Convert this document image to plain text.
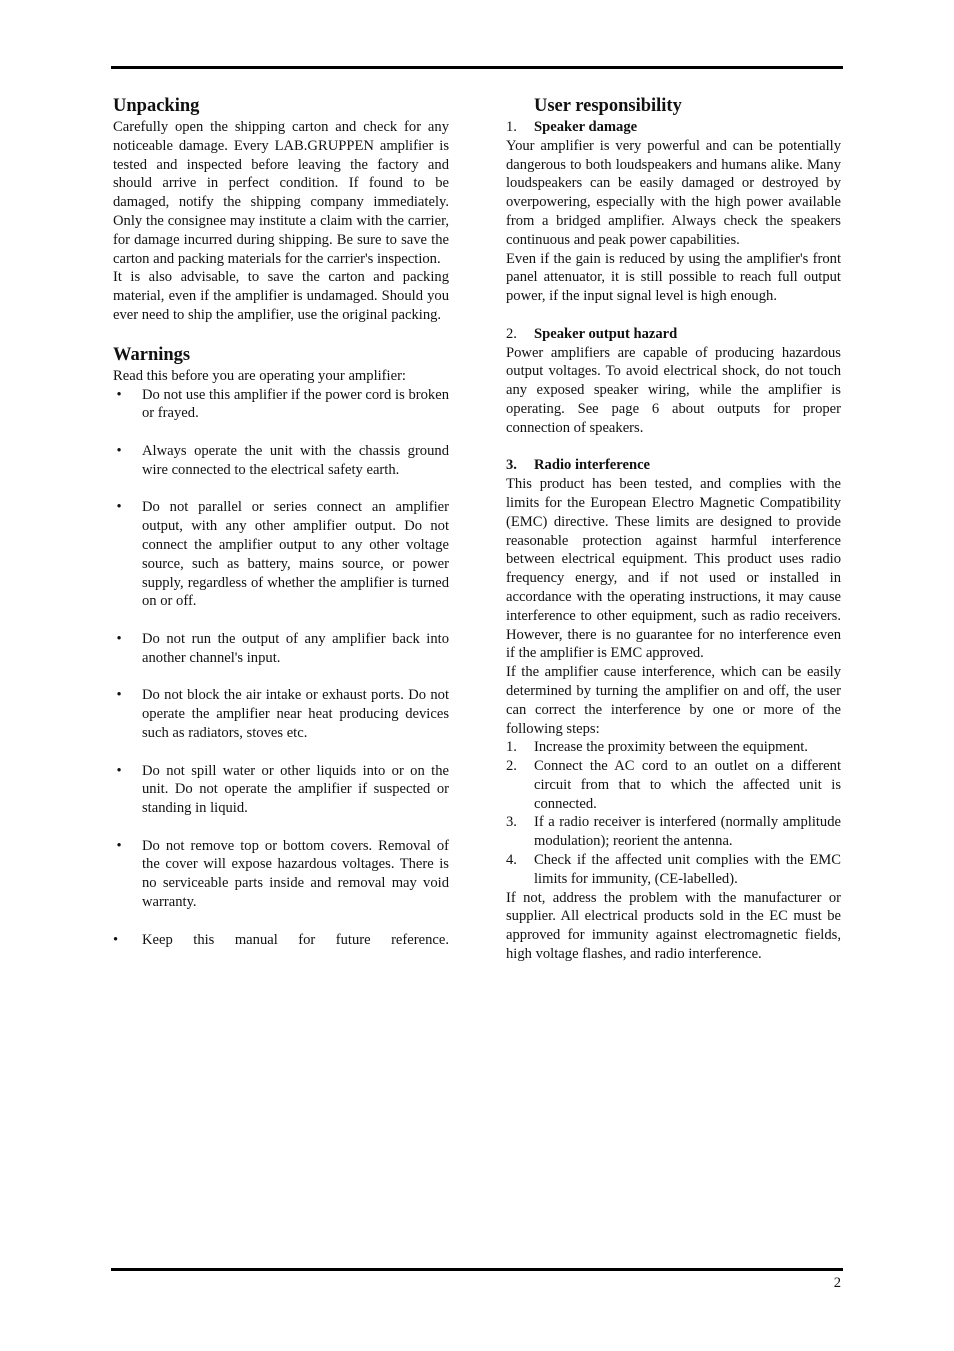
Unpacking

Carefully open the shipping carton and check for any noticeable damage. Every LAB.GRUPPEN amplifier is tested and inspected before leaving the factory and should arrive in perfect condition. If found to be damaged, notify the shipping company immediately. Only the consignee may institute a claim with the carrier, for damage incurred during shipping. Be sure to save the carton and packing materials for the carrier's inspection.

It is also advisable, to save the carton and packing material, even if the amplifier is undamaged. Should you ever need to ship the amplifier, use the original packing.

Warnings

Read this before you are operating your amplifier:

• Do not use this amplifier if the power cord is broken or frayed.
• Always operate the unit with the chassis ground wire connected to the electrical safety earth.
• Do not parallel or series connect an amplifier output, with any other amplifier output. Do not connect the amplifier output to any other voltage source, such as battery, mains source, or power supply, regardless of whether the amplifier is turned on or off.
• Do not run the output of any amplifier back into another channel's input.
• Do not block the air intake or exhaust ports. Do not operate the amplifier near heat producing devices such as radiators, stoves etc.
• Do not spill water or other liquids into or on the unit. Do not operate the amplifier if suspected or standing in liquid.
• Do not remove top or bottom covers. Removal of the cover will expose hazardous voltages. There is no serviceable parts inside and removal may void warranty.
•	Keep this manual for future reference.
User responsibility
1.	Speaker damage

Your amplifier is very powerful and can be potentially dangerous to both loudspeakers and humans alike. Many loudspeakers can be easily damaged or destroyed by overpowering, especially with the high power available from a bridged amplifier. Always check the speakers continuous and peak power capabilities.

Even if the gain is reduced by using the amplifier's front panel attenuator, it is still possible to reach full output power, if the input signal level is high enough.

2.	Speaker output hazard

Power amplifiers are capable of producing hazardous output voltages. To avoid electrical shock, do not touch any exposed speaker wiring, while the amplifier is operating. See page 6 about outputs for proper connection of speakers.

3.	Radio interference

This product has been tested, and complies with the limits for the European Electro Magnetic Compatibility (EMC) directive. These limits are designed to provide reasonable protection against harmful interference between electrical equipment. This product uses radio frequency energy, and if not used or installed in accordance with the operating instructions, it may cause interference to other equipment, such as radio receivers. However, there is no guarantee for no interference even if the amplifier is EMC approved.

If the amplifier cause interference, which can be easily determined by turning the amplifier on and off, the user can correct the interference by one or more of the following steps:

1. Increase the proximity between the equipment.
2. Connect the AC cord to an outlet on a different circuit from that to which the affected unit is connected.
3. If a radio receiver is interfered (normally amplitude modulation); reorient the antenna.
4. Check if the affected unit complies with the EMC limits for immunity, (CE-labelled).

If not, address the problem with the manufacturer or supplier. All electrical products sold in the EC must be approved for immunity against electromagnetic fields, high voltage flashes, and radio interference.

2
